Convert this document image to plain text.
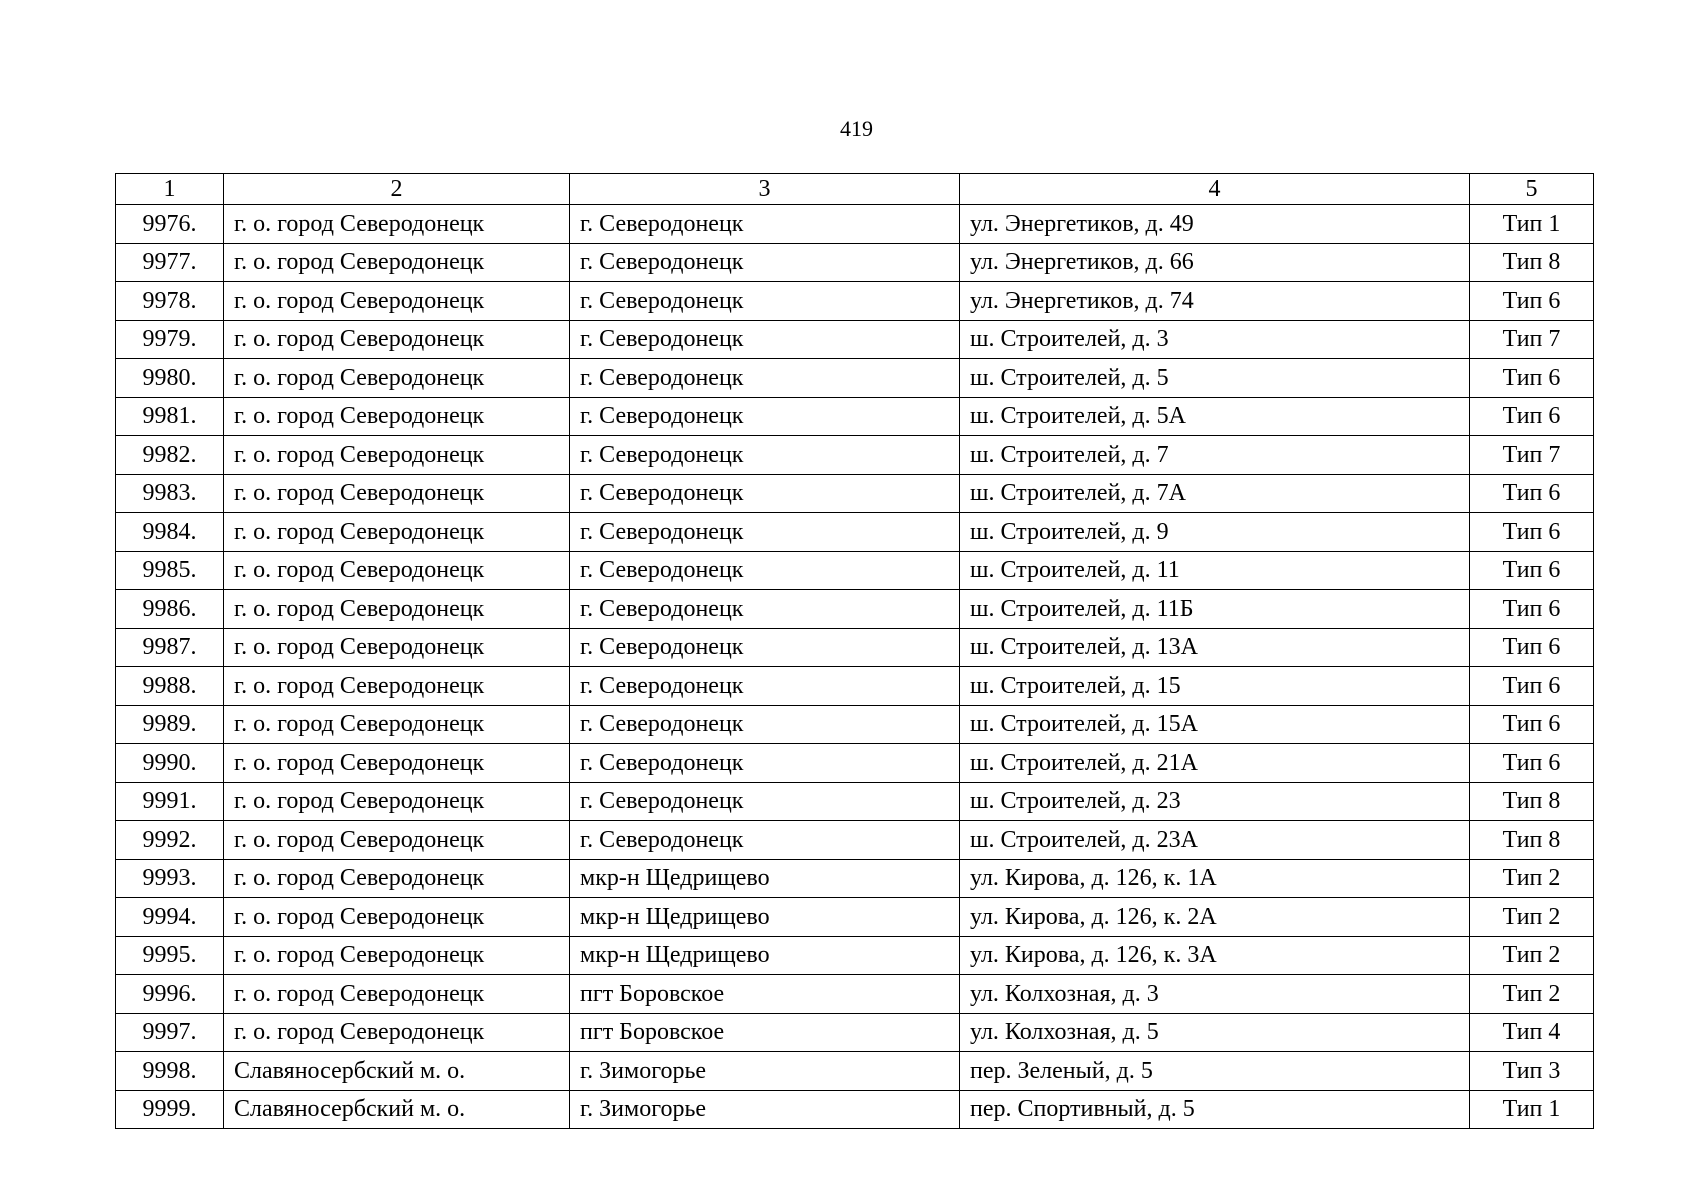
419
1	2	3	4	5
9976.	г. о. город Северодонецк	г. Северодонецк	ул. Энергетиков, д. 49	Тип 1
9977.	г. о. город Северодонецк	г. Северодонецк	ул. Энергетиков, д. 66	Тип 8
9978.	г. о. город Северодонецк	г. Северодонецк	ул. Энергетиков, д. 74	Тип 6
9979.	г. о. город Северодонецк	г. Северодонецк	ш. Строителей, д. 3	Тип 7
9980.	г. о. город Северодонецк	г. Северодонецк	ш. Строителей, д. 5	Тип 6
9981.	г. о. город Северодонецк	г. Северодонецк	ш. Строителей, д. 5А	Тип 6
9982.	г. о. город Северодонецк	г. Северодонецк	ш. Строителей, д. 7	Тип 7
9983.	г. о. город Северодонецк	г. Северодонецк	ш. Строителей, д. 7А	Тип 6
9984.	г. о. город Северодонецк	г. Северодонецк	ш. Строителей, д. 9	Тип 6
9985.	г. о. город Северодонецк	г. Северодонецк	ш. Строителей, д. 11	Тип 6
9986.	г. о. город Северодонецк	г. Северодонецк	ш. Строителей, д. 11Б	Тип 6
9987.	г. о. город Северодонецк	г. Северодонецк	ш. Строителей, д. 13А	Тип 6
9988.	г. о. город Северодонецк	г. Северодонецк	ш. Строителей, д. 15	Тип 6
9989.	г. о. город Северодонецк	г. Северодонецк	ш. Строителей, д. 15А	Тип 6
9990.	г. о. город Северодонецк	г. Северодонецк	ш. Строителей, д. 21А	Тип 6
9991.	г. о. город Северодонецк	г. Северодонецк	ш. Строителей, д. 23	Тип 8
9992.	г. о. город Северодонецк	г. Северодонецк	ш. Строителей, д. 23А	Тип 8
9993.	г. о. город Северодонецк	мкр-н Щедрищево	ул. Кирова, д. 126, к. 1А	Тип 2
9994.	г. о. город Северодонецк	мкр-н Щедрищево	ул. Кирова, д. 126, к. 2А	Тип 2
9995.	г. о. город Северодонецк	мкр-н Щедрищево	ул. Кирова, д. 126, к. 3А	Тип 2
9996.	г. о. город Северодонецк	пгт Боровское	ул. Колхозная, д. 3	Тип 2
9997.	г. о. город Северодонецк	пгт Боровское	ул. Колхозная, д. 5	Тип 4
9998.	Славяносербский м. о.	г. Зимогорье	пер. Зеленый, д. 5	Тип 3
9999.	Славяносербский м. о.	г. Зимогорье	пер. Спортивный, д. 5	Тип 1
